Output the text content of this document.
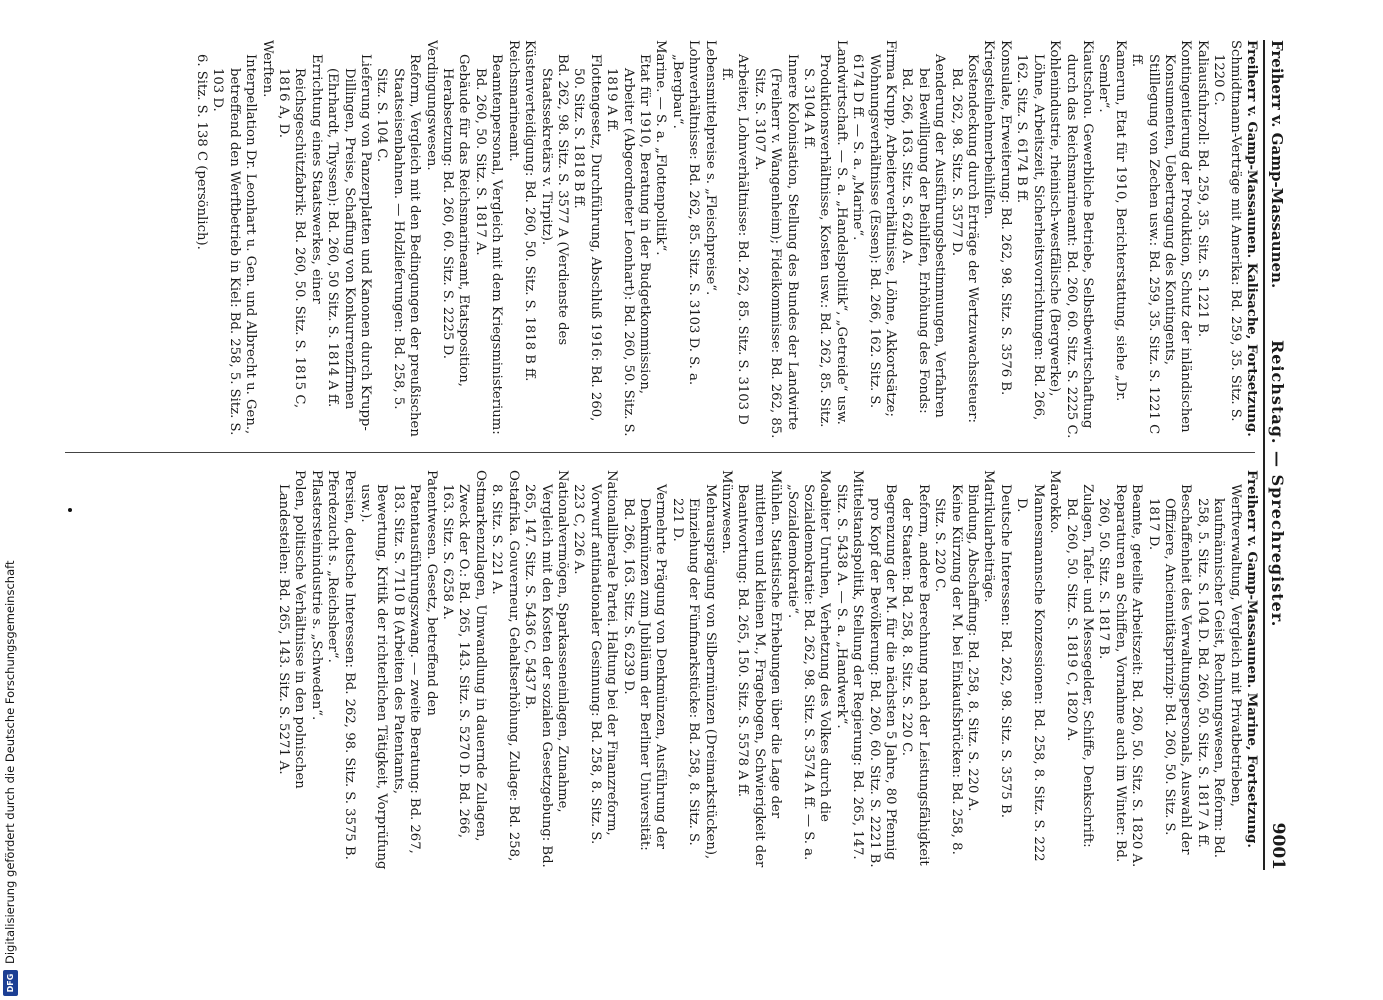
Freiherr v. Gamp-Massaunen.
Reichstag. — Sprechregister.
9001

Freiherr v. Gamp-Massaunen. Kalisache, Fortsetzung.

Schmidtmann-Verträge mit Amerika: Bd. 259, 35. Sitz. S. 1220 C.

Kaliausfuhrzoll: Bd. 259, 35. Sitz. S. 1221 B.

Kontingentierung der Produktion, Schutz der inländischen Konsumenten, Uebertragung des Kontingents, Stilllegung von Zechen usw.: Bd. 259, 35. Sitz. S. 1221 C ff.

Kamerun, Etat für 1910, Berichterstattung, siehe „Dr. Semler“.

Kiautschou. Gewerbliche Betriebe, Selbstbewirtschaftung durch das Reichsmarineamt: Bd. 260, 60. Sitz. S. 2225 C.

Kohlenindustrie, rheinisch-westfälische (Bergwerke), Löhne, Arbeitszeit, Sicherheitsvorrichtungen: Bd. 266, 162. Sitz. S. 6174 B ff.

Konsulate, Erweiterung: Bd. 262, 98. Sitz. S. 3576 B.

Kriegsteilnehmerbeihilfen.

Kostendeckung durch Erträge der Wertzuwachssteuer: Bd. 262, 98. Sitz. S. 3577 D.

Aenderung der Ausführungsbestimmungen, Verfahren bei Bewilligung der Beihilfen, Erhöhung des Fonds: Bd. 266, 163. Sitz. S. 6240 A.

Firma Krupp, Arbeiterverhältnisse, Löhne, Akkordsätze; Wohnungsverhältnisse (Essen): Bd. 266, 162. Sitz. S. 6174 D ff. — S. a. „Marine“.

Landwirtschaft. — S. a. „Handelspolitik“, „Getreide“ usw.

Produktionsverhältnisse, Kosten usw.: Bd. 262, 85. Sitz. S. 3104 A ff.

Innere Kolonisation, Stellung des Bundes der Landwirte (Freiherr v. Wangenheim); Fideikommisse: Bd. 262, 85. Sitz. S. 3107 A.

Arbeiter, Lohnverhältnisse: Bd. 262, 85. Sitz. S. 3103 D ff.

Lebensmittelpreise s. „Fleischpreise“.

Lohnverhältnisse: Bd. 262, 85. Sitz. S. 3103 D. S. a. „Bergbau“.

Marine. — S. a. „Flottenpolitik“.

Etat für 1910, Beratung in der Budgetkommission, Arbeiter (Abgeordneter Leonhart): Bd. 260, 50. Sitz. S. 1819 A ff.

Flottengesetz, Durchführung, Abschluß 1916: Bd. 260, 50. Sitz. S. 1818 B ff.

Bd. 262, 98. Sitz. S. 3577 A (Verdienste des Staatssekretärs v. Tirpitz).

Küstenverteidigung: Bd. 260, 50. Sitz. S. 1818 B ff.

Reichsmarineamt.

Beamtenpersonal, Vergleich mit dem Kriegsministerium: Bd. 260, 50. Sitz. S. 1817 A.

Gebäude für das Reichsmarineamt, Etatsposition, Herabsetzung: Bd. 260, 60. Sitz. S. 2225 D.

Verdingungswesen.

Reform, Vergleich mit den Bedingungen der preußischen Staatseisenbahnen. — Holzlieferungen: Bd. 258, 5. Sitz. S. 104 C.

Lieferung von Panzerplatten und Kanonen durch Krupp-Dillingen, Preise, Schaffung von Konkurrenzfirmen (Ehrhardt, Thyssen): Bd. 260, 50 Sitz. S. 1814 A ff.

Errichtung eines Staatswerkes, einer Reichsgeschützfabrik: Bd. 260, 50. Sitz. S. 1815 C, 1816 A, D.

Werften.

Interpellation Dr. Leonhart u. Gen. und Albrecht u. Gen., betreffend den Werftbetrieb in Kiel: Bd. 258, 5. Sitz. S. 103 D.

6. Sitz. S. 138 C (persönlich).

Freiherr v. Gamp-Massaunen. Marine, Fortsetzung.

Werftverwaltung, Vergleich mit Privatbetrieben, kaufmännischer Geist, Rechnungswesen, Reform: Bd. 258, 5. Sitz. S. 104 D. Bd. 260, 50. Sitz. S. 1817 A ff.

Beschaffenheit des Verwaltungspersonals, Auswahl der Offiziere, Anciennitätsprinzip: Bd. 260, 50. Sitz. S. 1817 D.

Beamte, geteilte Arbeitszeit: Bd. 260, 50. Sitz. S. 1820 A.

Reparaturen an Schiffen, Vornahme auch im Winter: Bd. 260, 50. Sitz. S. 1817 B.

Zulagen, Tafel- und Messegelder, Schiffe, Denkschrift: Bd. 260, 50. Sitz. S. 1819 C, 1820 A.

Marokko.

Mannesmannsche Konzessionen: Bd. 258, 8. Sitz. S. 222 D.

Deutsche Interessen: Bd. 262, 98. Sitz. S. 3575 B.

Matrikularbeiträge.

Bindung, Abschaffung: Bd. 258, 8. Sitz. S. 220 A.

Keine Kürzung der M. bei Einkaufsbrücken: Bd. 258, 8. Sitz. S. 220 C.

Reform, andere Berechnung nach der Leistungsfähigkeit der Staaten: Bd. 258, 8. Sitz. S. 220 C.

Begrenzung der M. für die nächsten 5 Jahre, 80 Pfennig pro Kopf der Bevölkerung: Bd. 260, 60. Sitz. S. 2221 B.

Mittelstandspolitik, Stellung der Regierung: Bd. 265, 147. Sitz. S. 5438 A. — S. a. „Handwerk“.

Moabiter Unruhen, Verhetzung des Volkes durch die Sozialdemokratie: Bd. 262, 98. Sitz. S. 3574 A ff. — S. a. „Sozialdemokratie“.

Mühlen. Statistische Erhebungen über die Lage der mittleren und kleinen M., Fragebogen, Schwierigkeit der Beantwortung: Bd. 265, 150. Sitz. S. 5578 A ff.

Münzwesen.

Mehrausprägung von Silbermünzen (Dreimarkstücken), Einziehung der Fünfmarkstücke: Bd. 258, 8. Sitz. S. 221 D.

Vermehrte Prägung von Denkmünzen, Ausführung der Denkmünzen zum Jubiläum der Berliner Universität: Bd. 266, 163. Sitz. S. 6239 D.

Nationalliberale Partei. Haltung bei der Finanzreform, Vorwurf antinationaler Gesinnung: Bd. 258, 8. Sitz. S. 223 C, 226 A.

Nationalvermögen, Sparkasseneinlagen, Zunahme, Vergleich mit den Kosten der sozialen Gesetzgebung: Bd. 265, 147. Sitz. S. 5436 C, 5437 B.

Ostafrika. Gouverneur, Gehaltserhöhung, Zulage: Bd. 258, 8. Sitz. S. 221 A.

Ostmarkenzulagen, Umwandlung in dauernde Zulagen, Zweck der O.: Bd. 265, 143. Sitz. S. 5270 D. Bd. 266, 163. Sitz. S. 6258 A.

Patentwesen. Gesetz, betreffend den Patentausführungszwang. — zweite Beratung: Bd. 267, 183. Sitz. S. 7110 B (Arbeiten des Patentamts, Bewertung, Kritik der richterlichen Tätigkeit, Vorprüfung usw.).

Persien, deutsche Interessen: Bd. 262, 98. Sitz. S. 3575 B.

Pferdezucht s. „Reichsheer“.

Pflastersteinindustrie s. „Schweden“.

Polen, politische Verhältnisse in den polnischen Landesteilen: Bd. 265, 143. Sitz. S. 5271 A.

DFG
Digitalisierung gefördert durch die Deutsche Forschungsgemeinschaft
